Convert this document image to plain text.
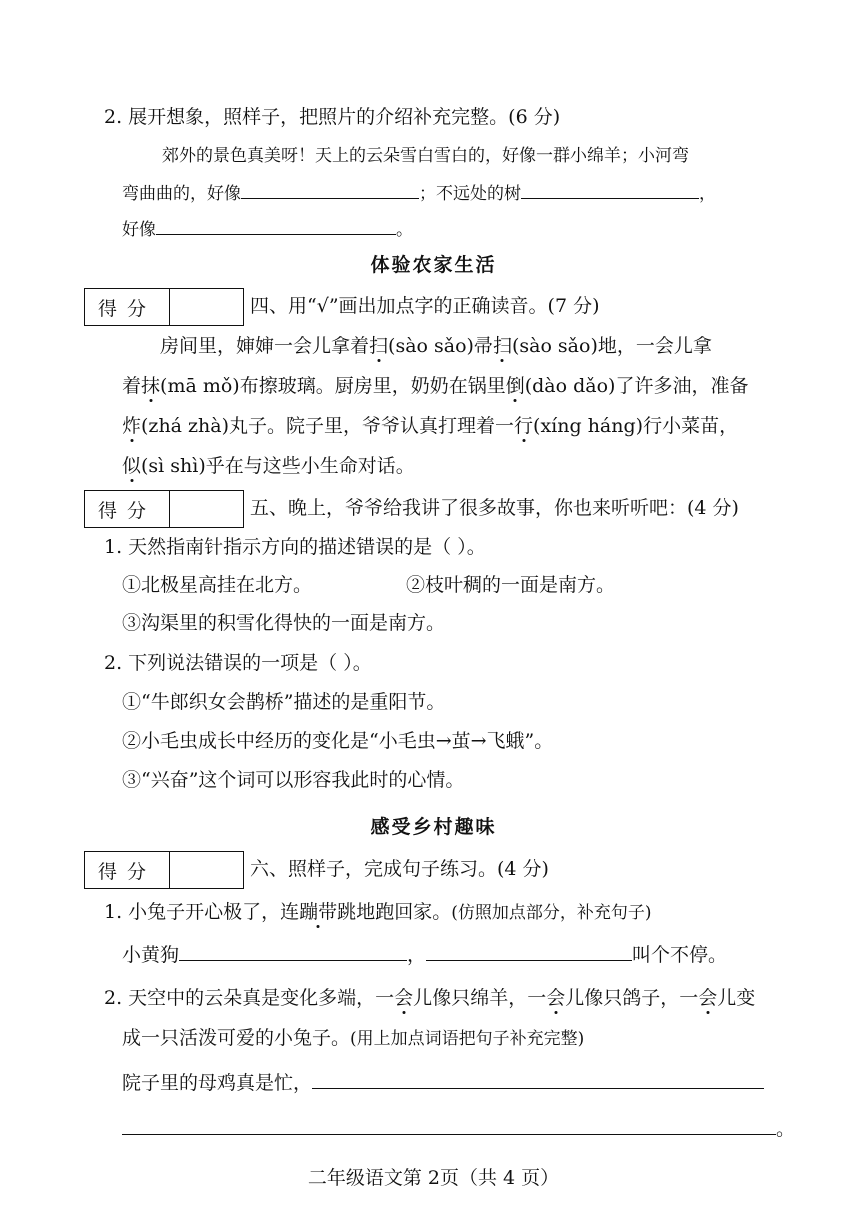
2. 展开想象，照样子，把照片的介绍补充完整。(6 分)
郊外的景色真美呀！天上的云朵雪白雪白的，好像一群小绵羊；小河弯
弯曲曲的，好像	；不远处的树	，
好像	。
体验农家生活
得分	四、用“√”画出加点字的正确读音。(7 分)
房间里，婶婶一会儿拿着扫(sào sǎo)帚扫(sào sǎo)地，一会儿拿
着抹(mā mǒ)布擦玻璃。厨房里，奶奶在锅里倒(dào dǎo)了许多油，准备
炸(zhá zhà)丸子。院子里，爷爷认真打理着一行(xíng háng)行小菜苗，
似(sì shì)乎在与这些小生命对话。
得分	五、晚上，爷爷给我讲了很多故事，你也来听听吧：(4 分)
1. 天然指南针指示方向的描述错误的是（ ）。
①北极星高挂在北方。	②枝叶稠的一面是南方。
③沟渠里的积雪化得快的一面是南方。
2. 下列说法错误的一项是（ ）。
①“牛郎织女会鹊桥”描述的是重阳节。
②小毛虫成长中经历的变化是“小毛虫→茧→飞蛾”。
③“兴奋”这个词可以形容我此时的心情。
感受乡村趣味
得分	六、照样子，完成句子练习。(4 分)
1. 小兔子开心极了，连蹦带跳地跑回家。(仿照加点部分，补充句子)
小黄狗	，	叫个不停。
2. 天空中的云朵真是变化多端，一会儿像只绵羊，一会儿像只鸽子，一会儿变
成一只活泼可爱的小兔子。(用上加点词语把句子补充完整)
院子里的母鸡真是忙，
。
二年级语文第 2页（共 4 页）
